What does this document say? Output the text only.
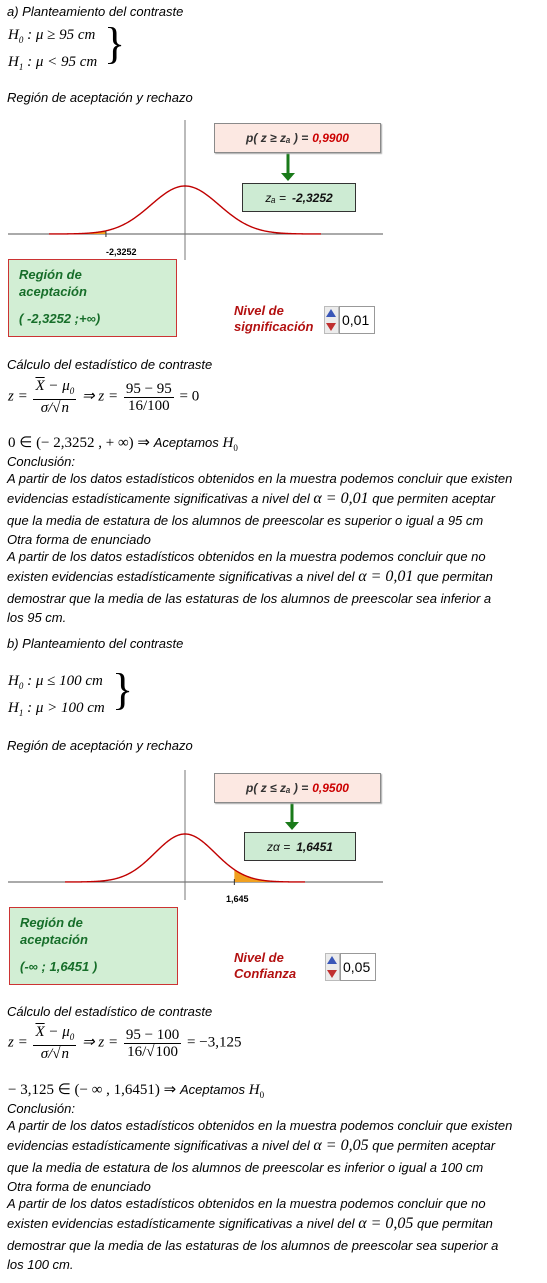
a) Planteamiento del contraste
$H_0$ : μ ≥ 95 cm
$H_1$ : μ < 95 cm }
Región de aceptación y rechazo
p( z ≥ zₐ ) = 0,9900
zₐ = -2,3252
-2,3252
Región de
aceptación
( -2,3252 ;+∞)
Nivel de
significación 0,01
Cálculo del estadístico de contraste
$z = \frac{\overline{X} - \mu_0}{\sigma/√n}$ ⇒ $z = \frac{95 - 95}{16/100} = 0$
0 ∈ (− 2,3252 , + ∞) ⇒ Aceptamos $H_0$
Conclusión:
A partir de los datos estadísticos obtenidos en la muestra podemos concluir que existen
evidencias estadísticamente significativas a nivel del α = 0,01 que permiten aceptar
que la media de estatura de los alumnos de preescolar es superior o igual a 95 cm
Otra forma de enunciado
A partir de los datos estadísticos obtenidos en la muestra podemos concluir que no
existen evidencias estadísticamente significativas a nivel del α = 0,01 que permitan
demostrar que la media de las estaturas de los alumnos de preescolar sea inferior a
los 95 cm.
b) Planteamiento del contraste
$H_0$ : μ ≤ 100 cm
$H_1$ : μ > 100 cm }
Región de aceptación y rechazo
p( z ≤ zₐ ) = 0,9500
zα = 1,6451
1,645
Región de
aceptación
(-∞ ; 1,6451 )
Nivel de
Confianza	0,05
Cálculo del estadístico de contraste
$z = \frac{\overline{X} - \mu_0}{\sigma/√n}$ ⇒ $z = \frac{95 - 100}{16/√100} = -3,125$
− 3,125 ∈ (− ∞ , 1,6451) ⇒ Aceptamos $H_0$
Conclusión:
A partir de los datos estadísticos obtenidos en la muestra podemos concluir que existen
evidencias estadísticamente significativas a nivel del α = 0,05 que permiten aceptar
que la media de estatura de los alumnos de preescolar es inferior o igual a 100 cm
Otra forma de enunciado
A partir de los datos estadísticos obtenidos en la muestra podemos concluir que no
existen evidencias estadísticamente significativas a nivel del α = 0,05 que permitan
demostrar que la media de las estaturas de los alumnos de preescolar sea superior a
los 100 cm.
